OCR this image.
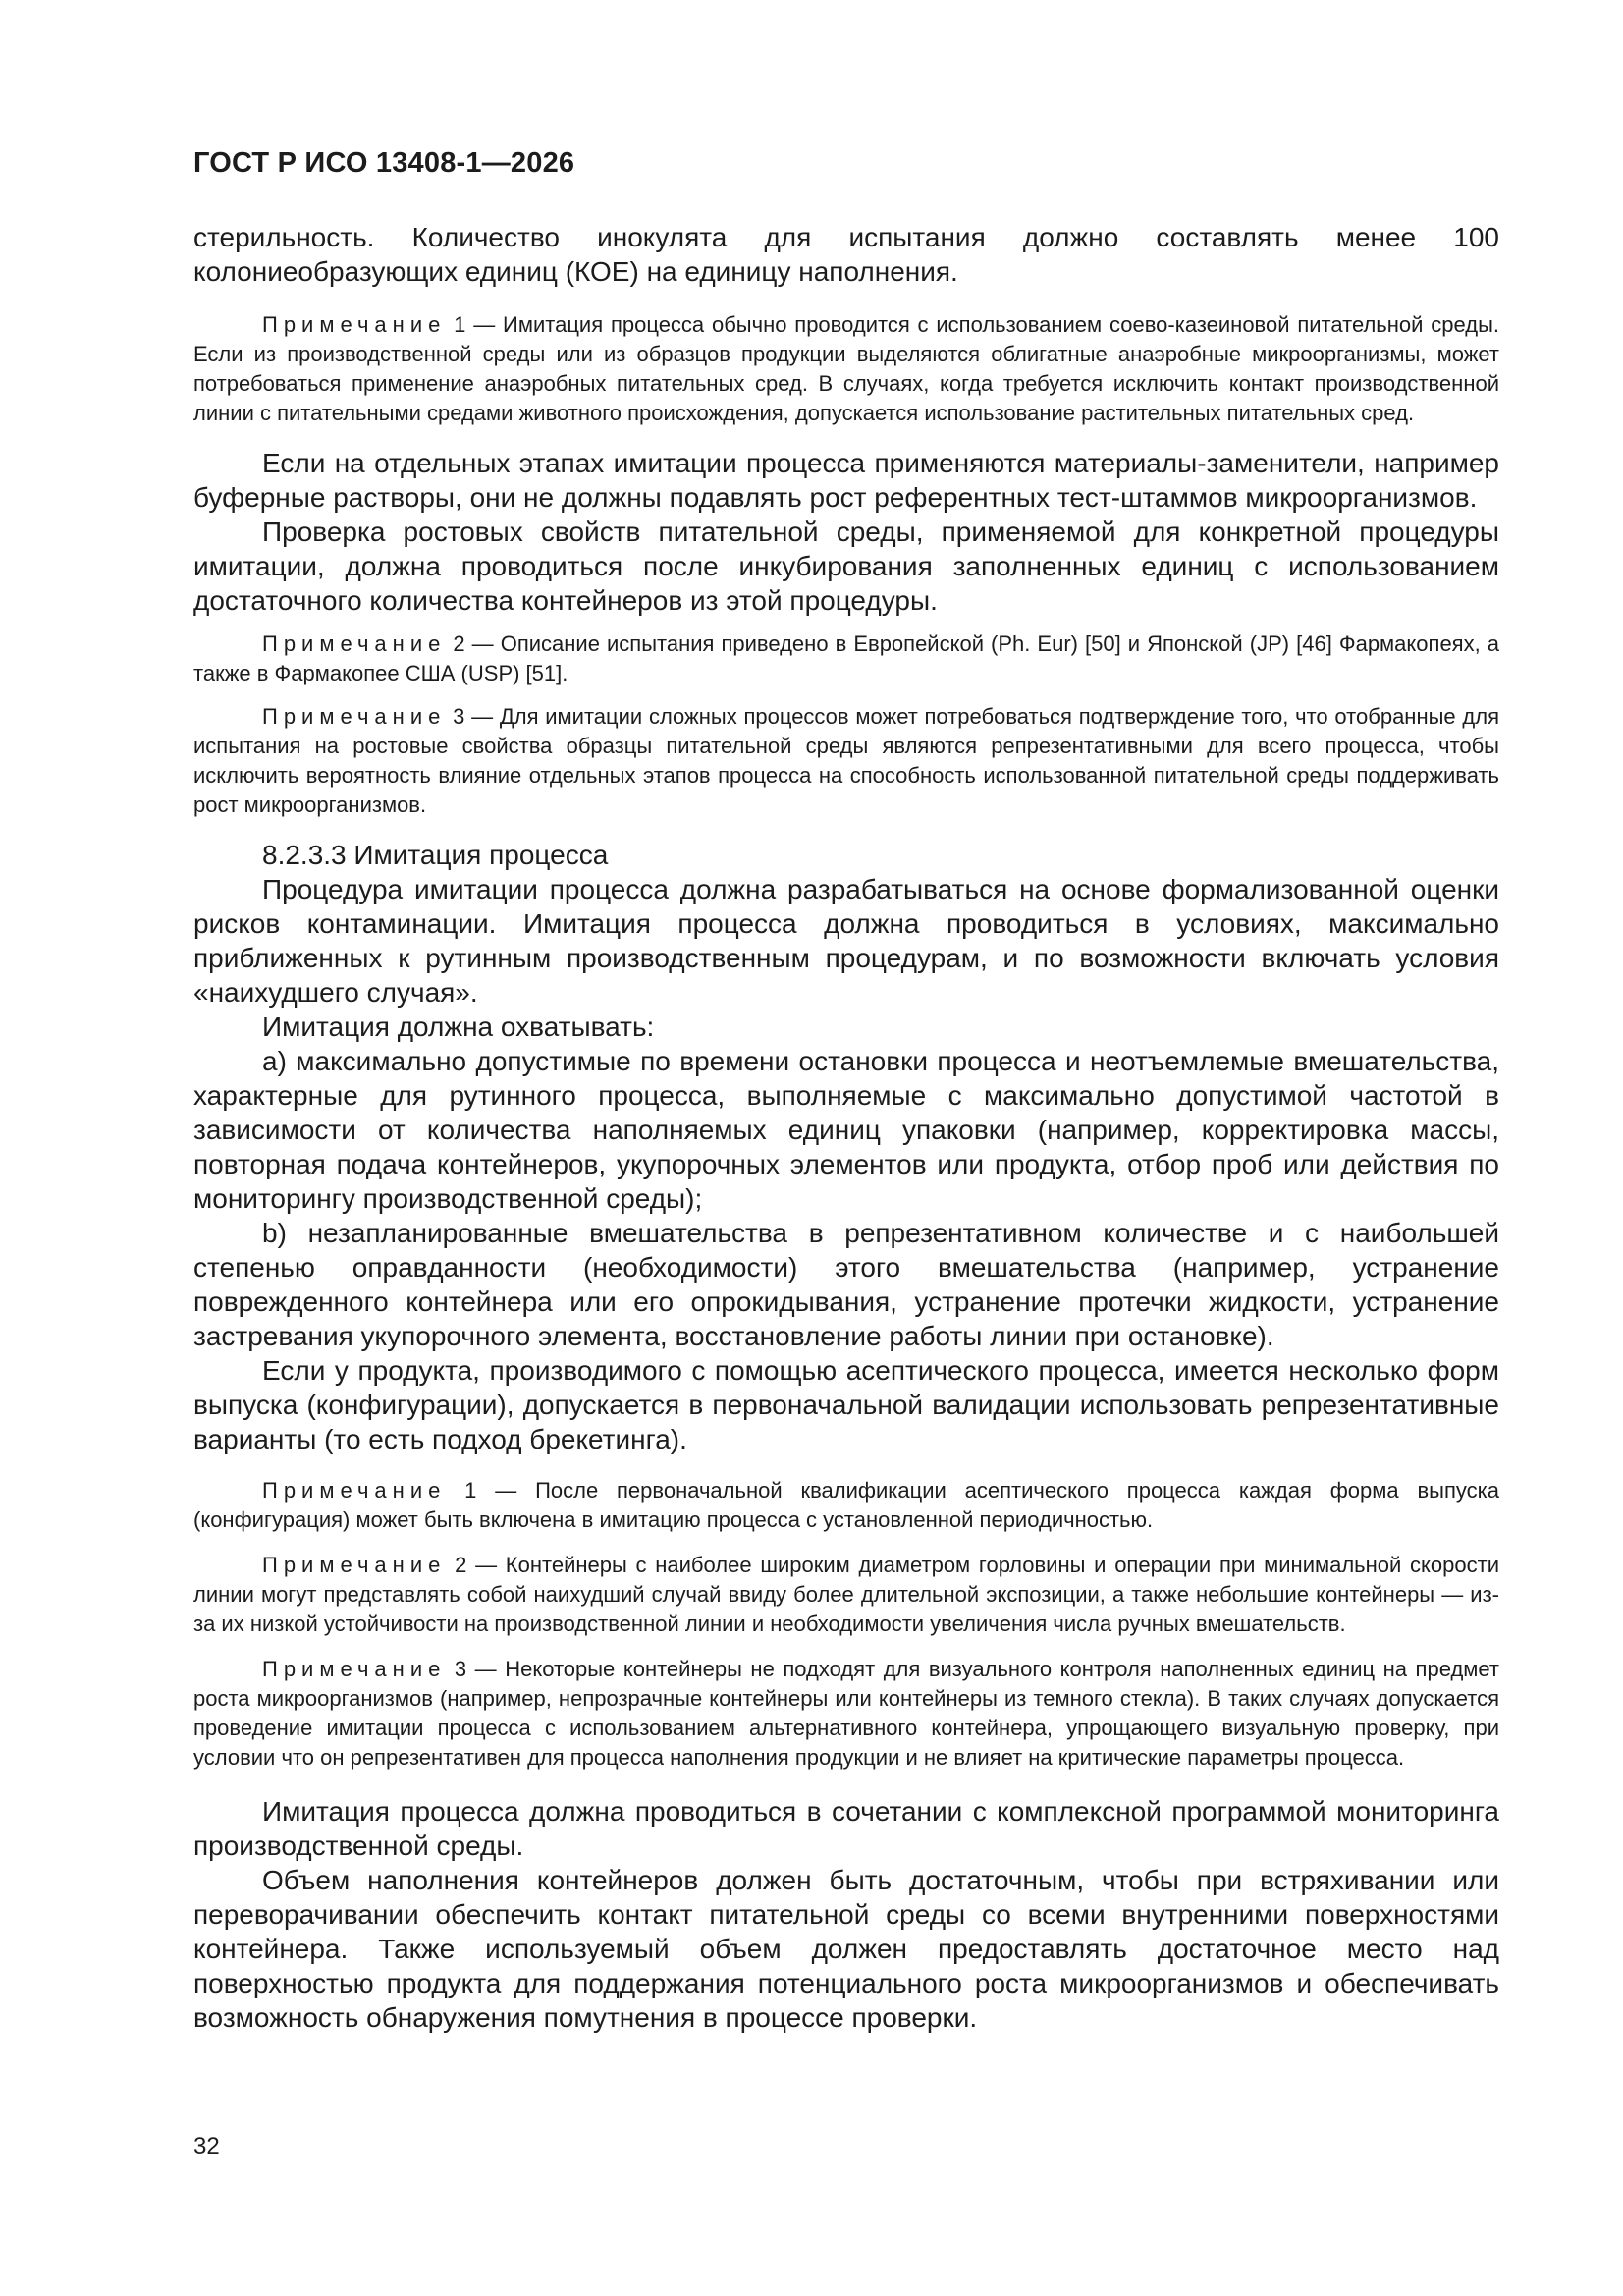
ГОСТ Р ИСО 13408-1—2026

стерильность. Количество инокулята для испытания должно составлять менее 100 колониеобразующих единиц (КОЕ) на единицу наполнения.

Примечание 1 — Имитация процесса обычно проводится с использованием соево-казеиновой питательной среды. Если из производственной среды или из образцов продукции выделяются облигатные анаэробные микроорганизмы, может потребоваться применение анаэробных питательных сред. В случаях, когда требуется исключить контакт производственной линии с питательными средами животного происхождения, допускается использование растительных питательных сред.

Если на отдельных этапах имитации процесса применяются материалы-заменители, например буферные растворы, они не должны подавлять рост референтных тест-штаммов микроорганизмов.

Проверка ростовых свойств питательной среды, применяемой для конкретной процедуры имитации, должна проводиться после инкубирования заполненных единиц с использованием достаточного количества контейнеров из этой процедуры.

Примечание 2 — Описание испытания приведено в Европейской (Ph. Eur) [50] и Японской (JP) [46] Фармакопеях, а также в Фармакопее США (USP) [51].

Примечание 3 — Для имитации сложных процессов может потребоваться подтверждение того, что отобранные для испытания на ростовые свойства образцы питательной среды являются репрезентативными для всего процесса, чтобы исключить вероятность влияние отдельных этапов процесса на способность использованной питательной среды поддерживать рост микроорганизмов.

8.2.3.3 Имитация процесса

Процедура имитации процесса должна разрабатываться на основе формализованной оценки рисков контаминации. Имитация процесса должна проводиться в условиях, максимально приближенных к рутинным производственным процедурам, и по возможности включать условия «наихудшего случая».

Имитация должна охватывать:

a) максимально допустимые по времени остановки процесса и неотъемлемые вмешательства, характерные для рутинного процесса, выполняемые с максимально допустимой частотой в зависимости от количества наполняемых единиц упаковки (например, корректировка массы, повторная подача контейнеров, укупорочных элементов или продукта, отбор проб или действия по мониторингу производственной среды);

b) незапланированные вмешательства в репрезентативном количестве и с наибольшей степенью оправданности (необходимости) этого вмешательства (например, устранение поврежденного контейнера или его опрокидывания, устранение протечки жидкости, устранение застревания укупорочного элемента, восстановление работы линии при остановке).

Если у продукта, производимого с помощью асептического процесса, имеется несколько форм выпуска (конфигурации), допускается в первоначальной валидации использовать репрезентативные варианты (то есть подход брекетинга).

Примечание 1 — После первоначальной квалификации асептического процесса каждая форма выпуска (конфигурация) может быть включена в имитацию процесса с установленной периодичностью.

Примечание 2 — Контейнеры с наиболее широким диаметром горловины и операции при минимальной скорости линии могут представлять собой наихудший случай ввиду более длительной экспозиции, а также небольшие контейнеры — из-за их низкой устойчивости на производственной линии и необходимости увеличения числа ручных вмешательств.

Примечание 3 — Некоторые контейнеры не подходят для визуального контроля наполненных единиц на предмет роста микроорганизмов (например, непрозрачные контейнеры или контейнеры из темного стекла). В таких случаях допускается проведение имитации процесса с использованием альтернативного контейнера, упрощающего визуальную проверку, при условии что он репрезентативен для процесса наполнения продукции и не влияет на критические параметры процесса.

Имитация процесса должна проводиться в сочетании с комплексной программой мониторинга производственной среды.

Объем наполнения контейнеров должен быть достаточным, чтобы при встряхивании или переворачивании обеспечить контакт питательной среды со всеми внутренними поверхностями контейнера. Также используемый объем должен предоставлять достаточное место над поверхностью продукта для поддержания потенциального роста микроорганизмов и обеспечивать возможность обнаружения помутнения в процессе проверки.

32
